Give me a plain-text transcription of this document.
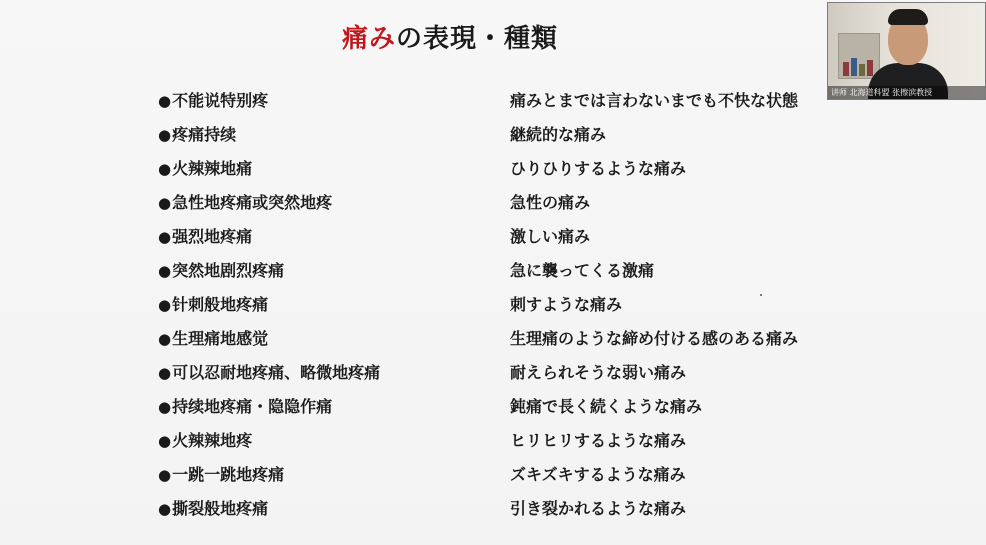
痛みの表現・種類
●不能说特别疼	痛みとまでは言わないまでも不快な状態
●疼痛持续	継続的な痛み
●火辣辣地痛	ひりひりするような痛み
●急性地疼痛或突然地疼	急性の痛み
●强烈地疼痛	激しい痛み
●突然地剧烈疼痛	急に襲ってくる激痛
●针刺般地疼痛	刺すような痛み
●生理痛地感觉	生理痛のような締め付ける感のある痛み
●可以忍耐地疼痛、略微地疼痛	耐えられそうな弱い痛み
●持续地疼痛・隐隐作痛	鈍痛で長く続くような痛み
●火辣辣地疼	ヒリヒリするような痛み
●一跳一跳地疼痛	ズキズキするような痛み
●撕裂般地疼痛	引き裂かれるような痛み
讲师 北海道科盟 张擦滨教授
